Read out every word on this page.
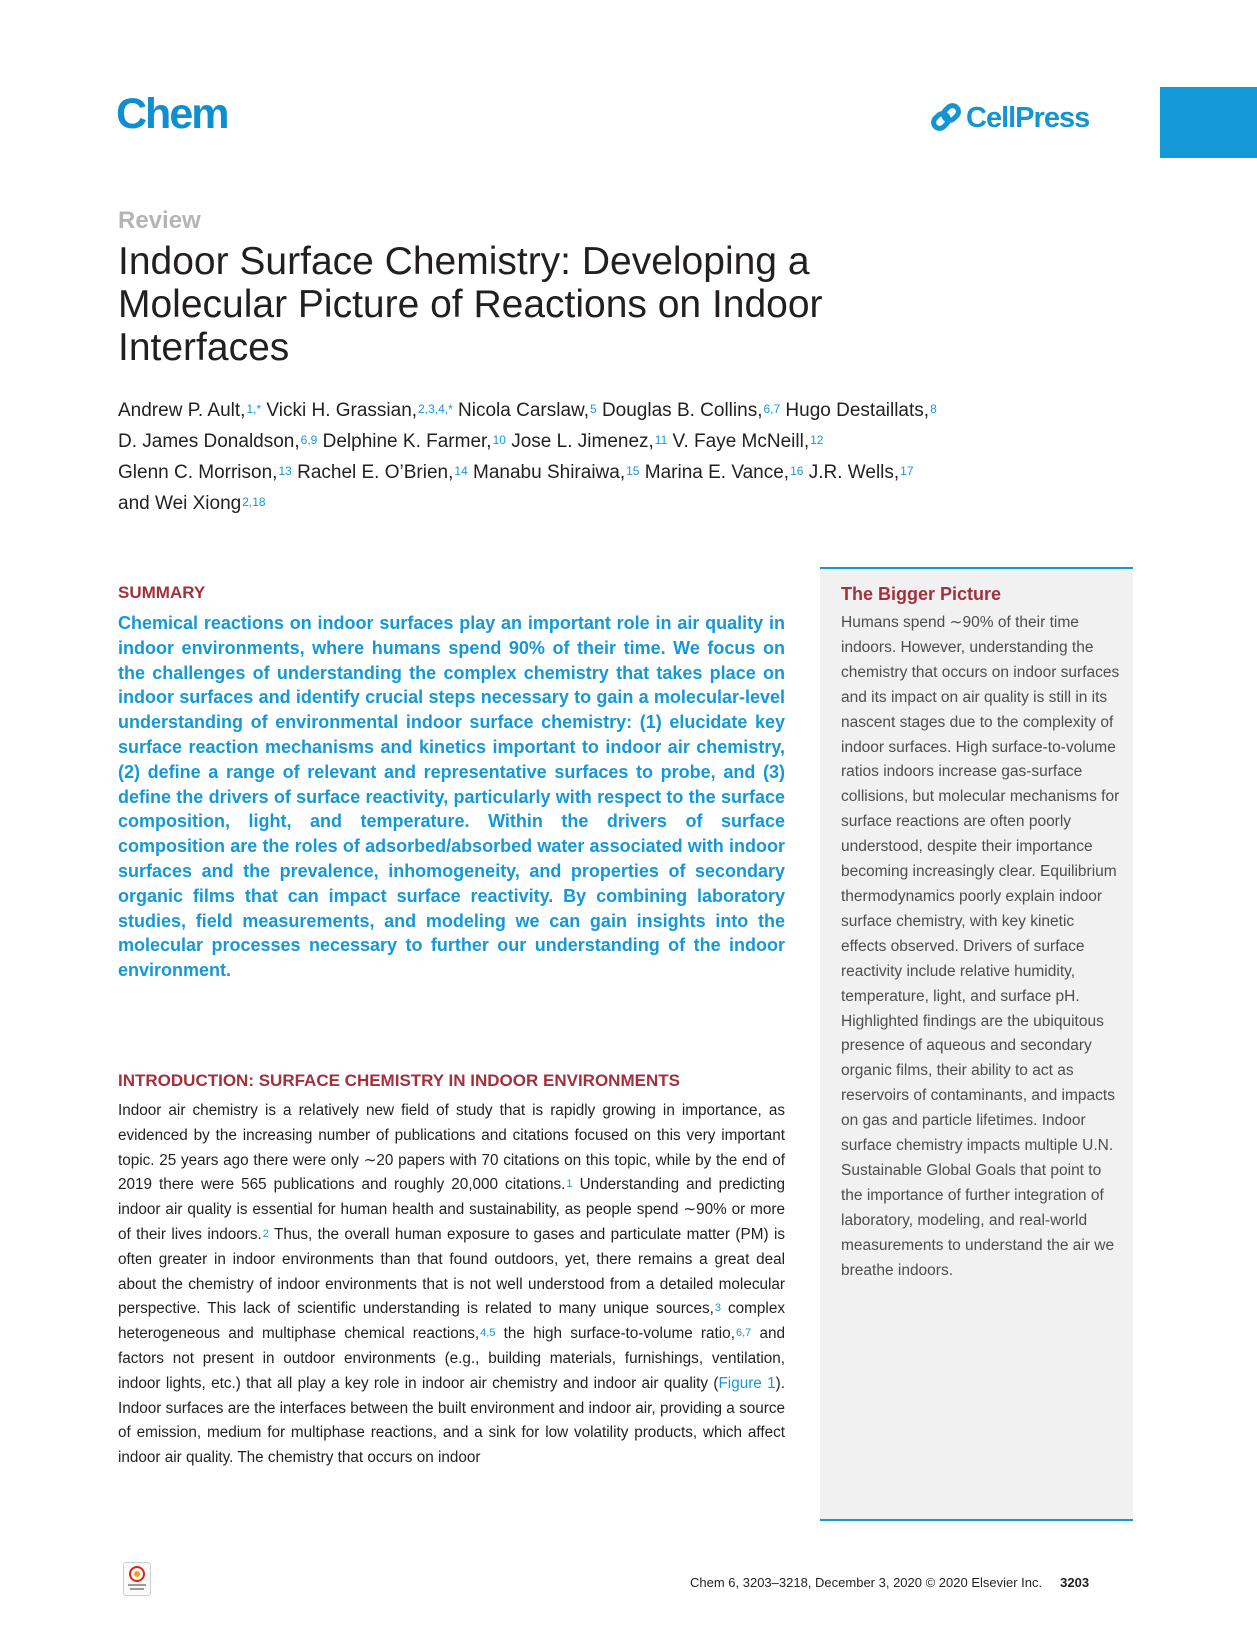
Chem	CellPress
Review
Indoor Surface Chemistry: Developing a Molecular Picture of Reactions on Indoor Interfaces
Andrew P. Ault,$^{1,*}$ Vicki H. Grassian,$^{2,3,4,*}$ Nicola Carslaw,$^5$ Douglas B. Collins,$^{6,7}$ Hugo Destaillats,$^8$
D. James Donaldson,$^{6,9}$ Delphine K. Farmer,$^{10}$ Jose L. Jimenez,$^{11}$ V. Faye McNeill,$^{12}$
Glenn C. Morrison,$^{13}$ Rachel E. O’Brien,$^{14}$ Manabu Shiraiwa,$^{15}$ Marina E. Vance,$^{16}$ J.R. Wells,$^{17}$
and Wei Xiong$^{2,18}$
SUMMARY
Chemical reactions on indoor surfaces play an important role in air quality in indoor environments, where humans spend 90% of their time. We focus on the challenges of understanding the complex chemistry that takes place on indoor surfaces and identify crucial steps necessary to gain a molecular-level understanding of environmental indoor surface chemistry: (1) elucidate key surface reaction mechanisms and kinetics important to indoor air chemistry, (2) define a range of relevant and representative surfaces to probe, and (3) define the drivers of surface reactivity, particularly with respect to the surface composition, light, and temperature. Within the drivers of surface composition are the roles of adsorbed/absorbed water associated with indoor surfaces and the prevalence, inhomogeneity, and properties of secondary organic films that can impact surface reactivity. By combining laboratory studies, field measurements, and modeling we can gain insights into the molecular processes necessary to further our understanding of the indoor environment.
INTRODUCTION: SURFACE CHEMISTRY IN INDOOR ENVIRONMENTS
Indoor air chemistry is a relatively new field of study that is rapidly growing in importance, as evidenced by the increasing number of publications and citations focused on this very important topic. 25 years ago there were only ∼20 papers with 70 citations on this topic, while by the end of 2019 there were 565 publications and roughly 20,000 citations.$^1$ Understanding and predicting indoor air quality is essential for human health and sustainability, as people spend ∼90% or more of their lives indoors.$^2$ Thus, the overall human exposure to gases and particulate matter (PM) is often greater in indoor environments than that found outdoors, yet, there remains a great deal about the chemistry of indoor environments that is not well understood from a detailed molecular perspective. This lack of scientific understanding is related to many unique sources,$^3$ complex heterogeneous and multiphase chemical reactions,$^{4,5}$ the high surface-to-volume ratio,$^{6,7}$ and factors not present in outdoor environments (e.g., building materials, furnishings, ventilation, indoor lights, etc.) that all play a key role in indoor air chemistry and indoor air quality (Figure 1). Indoor surfaces are the interfaces between the built environment and indoor air, providing a source of emission, medium for multiphase reactions, and a sink for low volatility products, which affect indoor air quality. The chemistry that occurs on indoor
The Bigger Picture
Humans spend ∼90% of their time indoors. However, understanding the chemistry that occurs on indoor surfaces and its impact on air quality is still in its nascent stages due to the complexity of indoor surfaces. High surface-to-volume ratios indoors increase gas-surface collisions, but molecular mechanisms for surface reactions are often poorly understood, despite their importance becoming increasingly clear. Equilibrium thermodynamics poorly explain indoor surface chemistry, with key kinetic effects observed. Drivers of surface reactivity include relative humidity, temperature, light, and surface pH. Highlighted findings are the ubiquitous presence of aqueous and secondary organic films, their ability to act as reservoirs of contaminants, and impacts on gas and particle lifetimes. Indoor surface chemistry impacts multiple U.N. Sustainable Global Goals that point to the importance of further integration of laboratory, modeling, and real-world measurements to understand the air we breathe indoors.
Chem 6, 3203–3218, December 3, 2020 © 2020 Elsevier Inc. 3203
